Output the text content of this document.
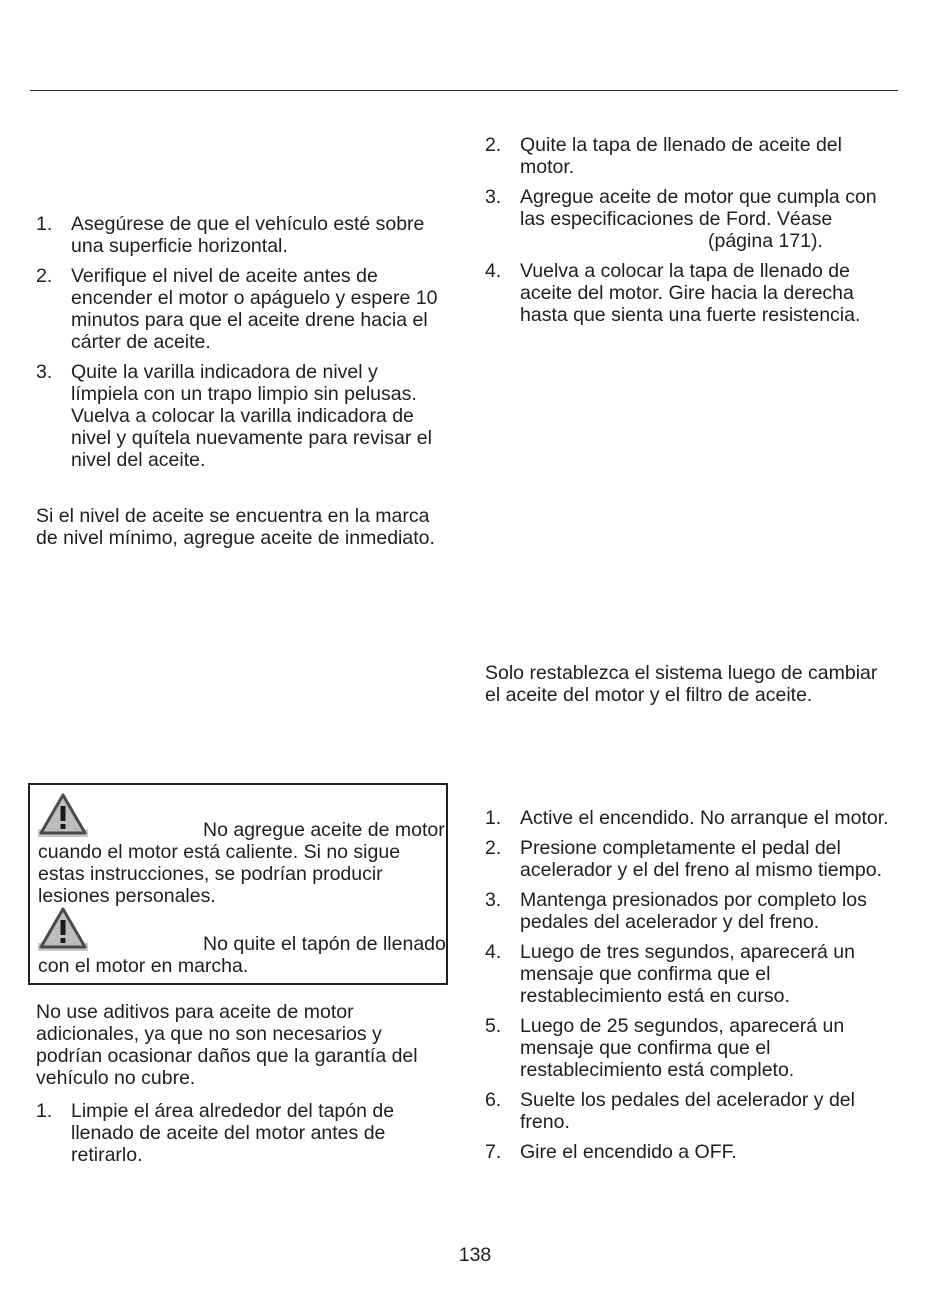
1. Asegúrese de que el vehículo esté sobre una superficie horizontal.
2. Verifique el nivel de aceite antes de encender el motor o apáguelo y espere 10 minutos para que el aceite drene hacia el cárter de aceite.
3. Quite la varilla indicadora de nivel y límpiela con un trapo limpio sin pelusas. Vuelva a colocar la varilla indicadora de nivel y quítela nuevamente para revisar el nivel del aceite.

Si el nivel de aceite se encuentra en la marca de nivel mínimo, agregue aceite de inmediato.

No agregue aceite de motor cuando el motor está caliente. Si no sigue estas instrucciones, se podrían producir lesiones personales.

No quite el tapón de llenado con el motor en marcha.

No use aditivos para aceite de motor adicionales, ya que no son necesarios y podrían ocasionar daños que la garantía del vehículo no cubre.

1. Limpie el área alrededor del tapón de llenado de aceite del motor antes de retirarlo.
2. Quite la tapa de llenado de aceite del motor.
3. Agregue aceite de motor que cumpla con las especificaciones de Ford. Véase
(página 171).
4. Vuelva a colocar la tapa de llenado de aceite del motor. Gire hacia la derecha hasta que sienta una fuerte resistencia.

Solo restablezca el sistema luego de cambiar el aceite del motor y el filtro de aceite.

1. Active el encendido. No arranque el motor.
2. Presione completamente el pedal del acelerador y el del freno al mismo tiempo.
3. Mantenga presionados por completo los pedales del acelerador y del freno.
4. Luego de tres segundos, aparecerá un mensaje que confirma que el restablecimiento está en curso.
5. Luego de 25 segundos, aparecerá un mensaje que confirma que el restablecimiento está completo.
6. Suelte los pedales del acelerador y del freno.
7. Gire el encendido a OFF.
138
